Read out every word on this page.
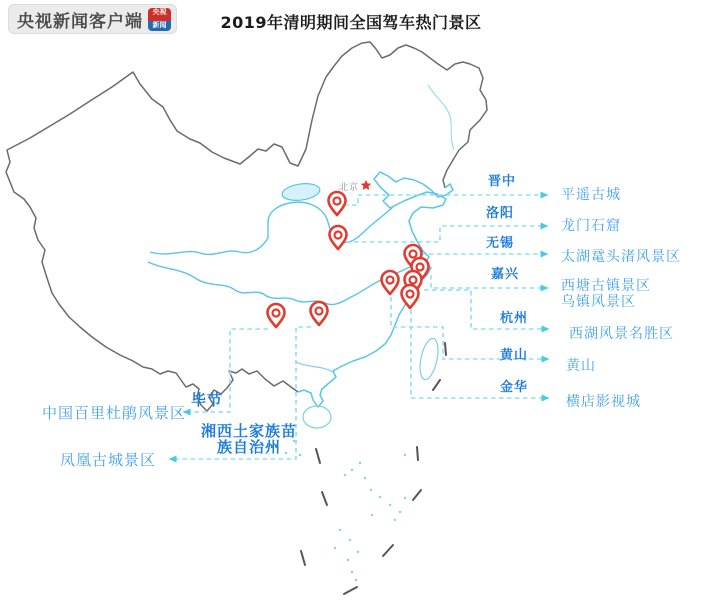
央视新闻客户端	央视
新闻	2019年清明期间全国驾车热门景区
北京	晋中
洛阳
无锡
嘉兴
杭州
黄山
金华
平遥古城
龙门石窟
太湖鼋头渚风景区
西塘古镇景区
乌镇风景区
西湖风景名胜区
黄山
横店影视城
毕节
中国百里杜鹃风景区
湘西土家族苗
族自治州
凤凰古城景区
